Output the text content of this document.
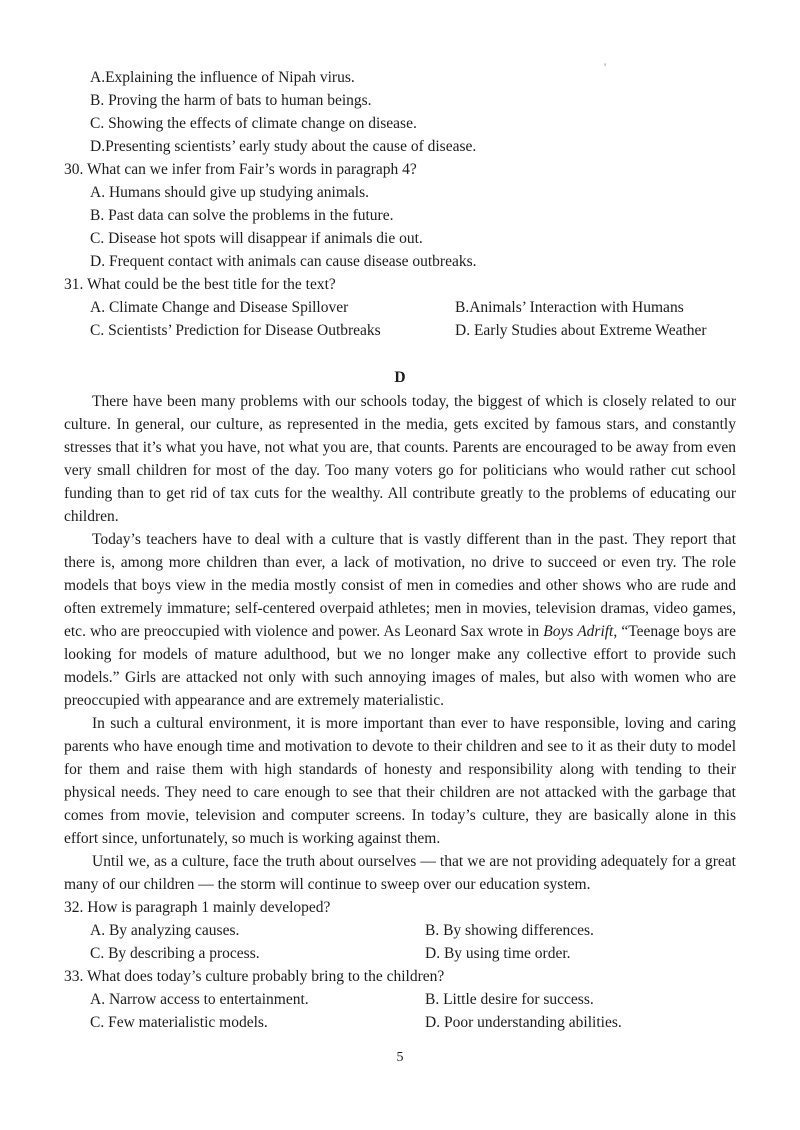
'
A.Explaining the influence of Nipah virus.
B. Proving the harm of bats to human beings.
C. Showing the effects of climate change on disease.
D.Presenting scientists’ early study about the cause of disease.
30. What can we infer from Fair’s words in paragraph 4?
A. Humans should give up studying animals.
B. Past data can solve the problems in the future.
C. Disease hot spots will disappear if animals die out.
D. Frequent contact with animals can cause disease outbreaks.
31. What could be the best title for the text?
A. Climate Change and Disease Spillover	B.Animals’ Interaction with Humans
C. Scientists’ Prediction for Disease Outbreaks	D. Early Studies about Extreme Weather
D

There have been many problems with our schools today, the biggest of which is closely related to our culture. In general, our culture, as represented in the media, gets excited by famous stars, and constantly stresses that it’s what you have, not what you are, that counts. Parents are encouraged to be away from even very small children for most of the day. Too many voters go for politicians who would rather cut school funding than to get rid of tax cuts for the wealthy. All contribute greatly to the problems of educating our children.

Today’s teachers have to deal with a culture that is vastly different than in the past. They report that there is, among more children than ever, a lack of motivation, no drive to succeed or even try. The role models that boys view in the media mostly consist of men in comedies and other shows who are rude and often extremely immature; self-centered overpaid athletes; men in movies, television dramas, video games, etc. who are preoccupied with violence and power. As Leonard Sax wrote in Boys Adrift, “Teenage boys are looking for models of mature adulthood, but we no longer make any collective effort to provide such models.” Girls are attacked not only with such annoying images of males, but also with women who are preoccupied with appearance and are extremely materialistic.

In such a cultural environment, it is more important than ever to have responsible, loving and caring parents who have enough time and motivation to devote to their children and see to it as their duty to model for them and raise them with high standards of honesty and responsibility along with tending to their physical needs. They need to care enough to see that their children are not attacked with the garbage that comes from movie, television and computer screens. In today’s culture, they are basically alone in this effort since, unfortunately, so much is working against them.

Until we, as a culture, face the truth about ourselves — that we are not providing adequately for a great many of our children — the storm will continue to sweep over our education system.

32. How is paragraph 1 mainly developed?
A. By analyzing causes.	B. By showing differences.
C. By describing a process.	D. By using time order.
33. What does today’s culture probably bring to the children?
A. Narrow access to entertainment.	B. Little desire for success.
C. Few materialistic models.	D. Poor understanding abilities.
5
